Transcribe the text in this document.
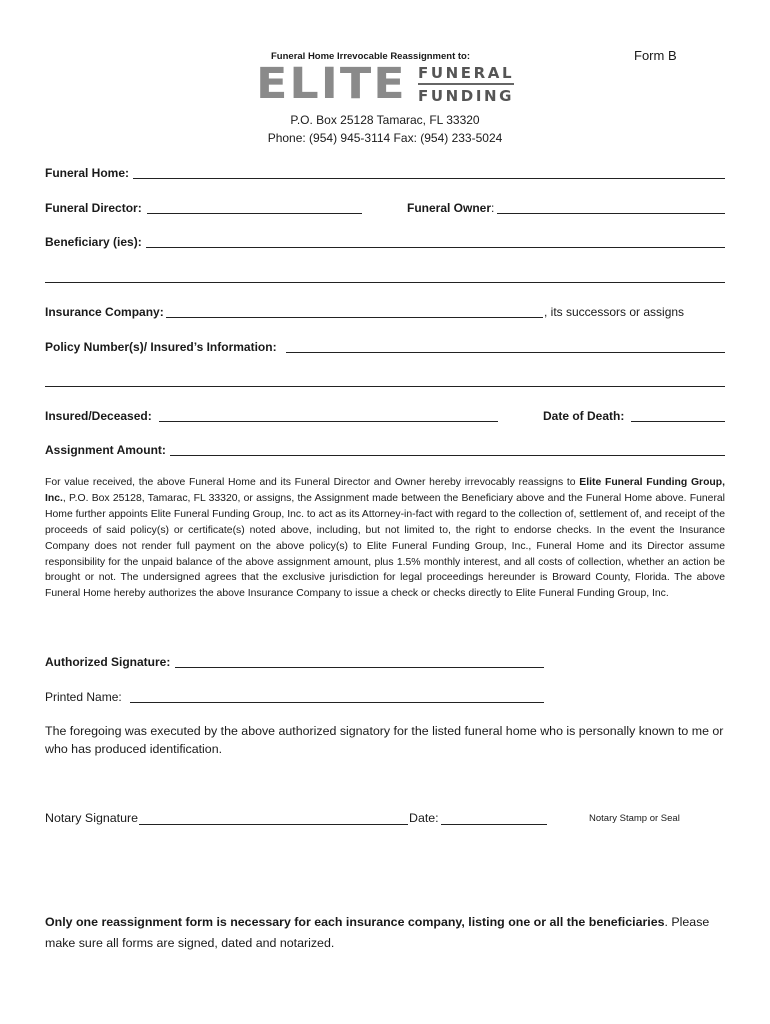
Funeral Home Irrevocable Reassignment to:	Form B
ELITE FUNERAL
FUNDING
P.O. Box 25128 Tamarac, FL 33320
Phone: (954) 945-3114 Fax: (954) 233-5024
Funeral Home:
Funeral Director:	Funeral Owner:
Beneficiary (ies):
Insurance Company:	, its successors or assigns
Policy Number(s)/ Insured’s Information:
Insured/Deceased:	Date of Death:
Assignment Amount:
For value received, the above Funeral Home and its Funeral Director and Owner hereby irrevocably reassigns to Elite Funeral Funding Group, Inc., P.O. Box 25128, Tamarac, FL 33320, or assigns, the Assignment made between the Beneficiary above and the Funeral Home above. Funeral Home further appoints Elite Funeral Funding Group, Inc. to act as its Attorney-in-fact with regard to the collection of, settlement of, and receipt of the proceeds of said policy(s) or certificate(s) noted above, including, but not limited to, the right to endorse checks. In the event the Insurance Company does not render full payment on the above policy(s) to Elite Funeral Funding Group, Inc., Funeral Home and its Director assume responsibility for the unpaid balance of the above assignment amount, plus 1.5% monthly interest, and all costs of collection, whether an action be brought or not. The undersigned agrees that the exclusive jurisdiction for legal proceedings hereunder is Broward County, Florida. The above Funeral Home hereby authorizes the above Insurance Company to issue a check or checks directly to Elite Funeral Funding Group, Inc.
Authorized Signature:
Printed Name:
The foregoing was executed by the above authorized signatory for the listed funeral home who is personally known to me or who has produced identification.
Notary Signature	Date:	Notary Stamp or Seal
Only one reassignment form is necessary for each insurance company, listing one or all the beneficiaries. Please make sure all forms are signed, dated and notarized.
